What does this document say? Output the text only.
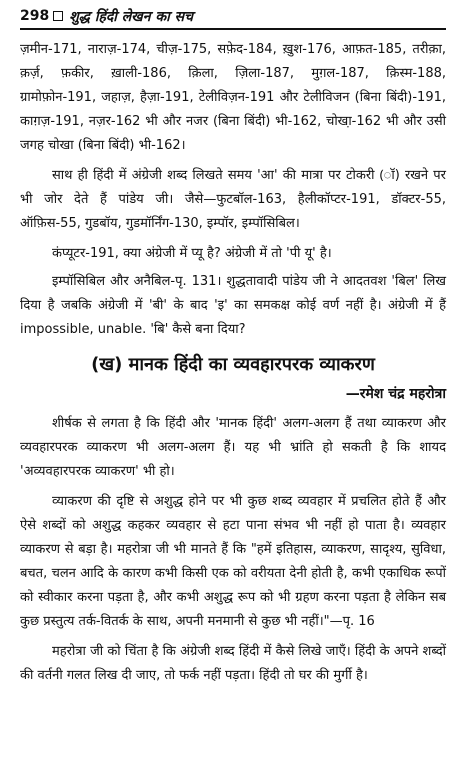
298 शुद्ध हिंदी लेखन का सच

ज़मीन-171, नाराज़-174, चीज़-175, सफ़ेद-184, ख़ुश-176, आफ़त-185, तरीक़ा, क़र्ज़, फ़कीर, ख़ाली-186, क़िला, ज़िला-187, मुग़ल-187, क़िस्म-188, ग्रामोफ़ोन-191, जहाज़, हैज़ा-191, टेलीविज़न-191 और टेलीविजन (बिना बिंदी)-191, काग़ज़-191, नज़र-162 भी और नजर (बिना बिंदी) भी-162, चोखा़-162 भी और उसी जगह चोखा (बिना बिंदी) भी-162।

साथ ही हिंदी में अंग्रेजी शब्द लिखते समय 'आ' की मात्रा पर टोकरी (ॉ) रखने पर भी जोर देते हैं पांडेय जी। जैसे—फुटबॉल-163, हैलीकॉप्टर-191, डॉक्टर-55, ऑफ़िस-55, गुडबॉय, गुडमॉर्निंग-130, इम्पॉर, इम्पॉसिबिल।

कंप्यूटर-191, क्या अंग्रेजी में प्यू है? अंग्रेजी में तो 'पी यू' है।

इम्पॉसिबिल और अनैबिल-पृ. 131। शुद्धतावादी पांडेय जी ने आदतवश 'बिल' लिख दिया है जबकि अंग्रेजी में 'बी' के बाद 'इ' का समकक्ष कोई वर्ण नहीं है। अंग्रेजी में हैं impossible, unable. 'बि' कैसे बना दिया?

(ख) मानक हिंदी का व्यवहारपरक व्याकरण
—रमेश चंद्र महरोत्रा

शीर्षक से लगता है कि हिंदी और 'मानक हिंदी' अलग-अलग हैं तथा व्याकरण और व्यवहारपरक व्याकरण भी अलग-अलग हैं। यह भी भ्रांति हो सकती है कि शायद 'अव्यवहारपरक व्याकरण' भी हो।

व्याकरण की दृष्टि से अशुद्ध होने पर भी कुछ शब्द व्यवहार में प्रचलित होते हैं और ऐसे शब्दों को अशुद्ध कहकर व्यवहार से हटा पाना संभव भी नहीं हो पाता है। व्यवहार व्याकरण से बड़ा है। महरोत्रा जी भी मानते हैं कि "हमें इतिहास, व्याकरण, सादृश्य, सुविधा, बचत, चलन आदि के कारण कभी किसी एक को वरीयता देनी होती है, कभी एकाधिक रूपों को स्वीकार करना पड़ता है, और कभी अशुद्ध रूप को भी ग्रहण करना पड़ता है लेकिन सब कुछ प्रस्तुत्य तर्क-वितर्क के साथ, अपनी मनमानी से कुछ भी नहीं।"—पृ. 16

महरोत्रा जी को चिंता है कि अंग्रेजी शब्द हिंदी में कैसे लिखे जाएँ। हिंदी के अपने शब्दों की वर्तनी गलत लिख दी जाए, तो फर्क नहीं पड़ता। हिंदी तो घर की मुर्गी है।
